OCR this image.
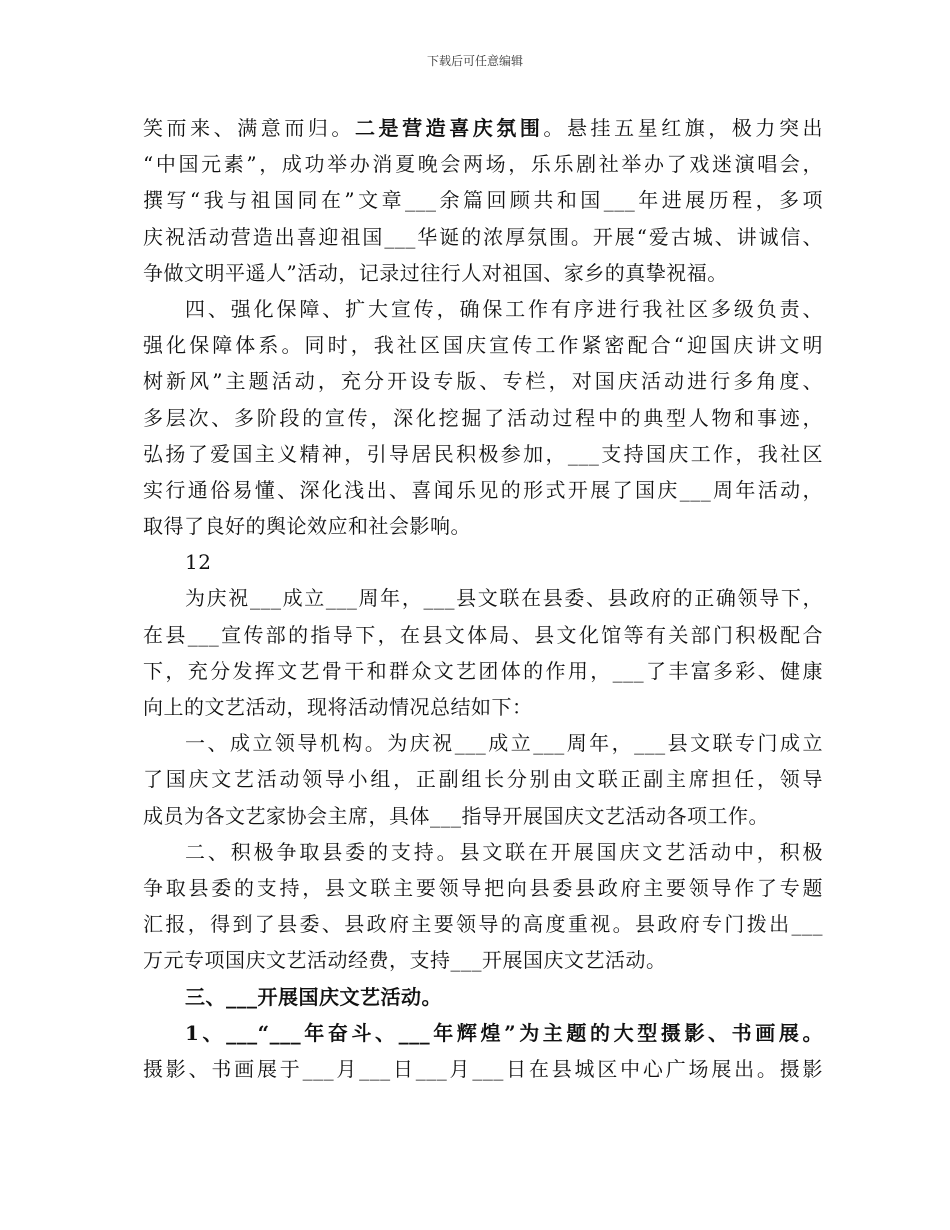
下载后可任意编辑
笑而来、满意而归。二是营造喜庆氛围。悬挂五星红旗，极力突出
“中国元素”，成功举办消夏晚会两场，乐乐剧社举办了戏迷演唱会，
撰写“我与祖国同在”文章___余篇回顾共和国___年进展历程，多项
庆祝活动营造出喜迎祖国___华诞的浓厚氛围。开展“爱古城、讲诚信、
争做文明平遥人”活动，记录过往行人对祖国、家乡的真挚祝福。
四、强化保障、扩大宣传，确保工作有序进行我社区多级负责、
强化保障体系。同时，我社区国庆宣传工作紧密配合“迎国庆讲文明
树新风”主题活动，充分开设专版、专栏，对国庆活动进行多角度、
多层次、多阶段的宣传，深化挖掘了活动过程中的典型人物和事迹，
弘扬了爱国主义精神，引导居民积极参加，___支持国庆工作，我社区
实行通俗易懂、深化浅出、喜闻乐见的形式开展了国庆___周年活动，
取得了良好的舆论效应和社会影响。
12
为庆祝___成立___周年，___县文联在县委、县政府的正确领导下，
在县___宣传部的指导下，在县文体局、县文化馆等有关部门积极配合
下，充分发挥文艺骨干和群众文艺团体的作用，___了丰富多彩、健康
向上的文艺活动，现将活动情况总结如下：
一、成立领导机构。为庆祝___成立___周年，___县文联专门成立
了国庆文艺活动领导小组，正副组长分别由文联正副主席担任，领导
成员为各文艺家协会主席，具体___指导开展国庆文艺活动各项工作。
二、积极争取县委的支持。县文联在开展国庆文艺活动中，积极
争取县委的支持，县文联主要领导把向县委县政府主要领导作了专题
汇报，得到了县委、县政府主要领导的高度重视。县政府专门拨出___
万元专项国庆文艺活动经费，支持___开展国庆文艺活动。
三、___开展国庆文艺活动。
1、___“___年奋斗、___年辉煌”为主题的大型摄影、书画展。
摄影、书画展于___月___日___月___日在县城区中心广场展出。摄影
